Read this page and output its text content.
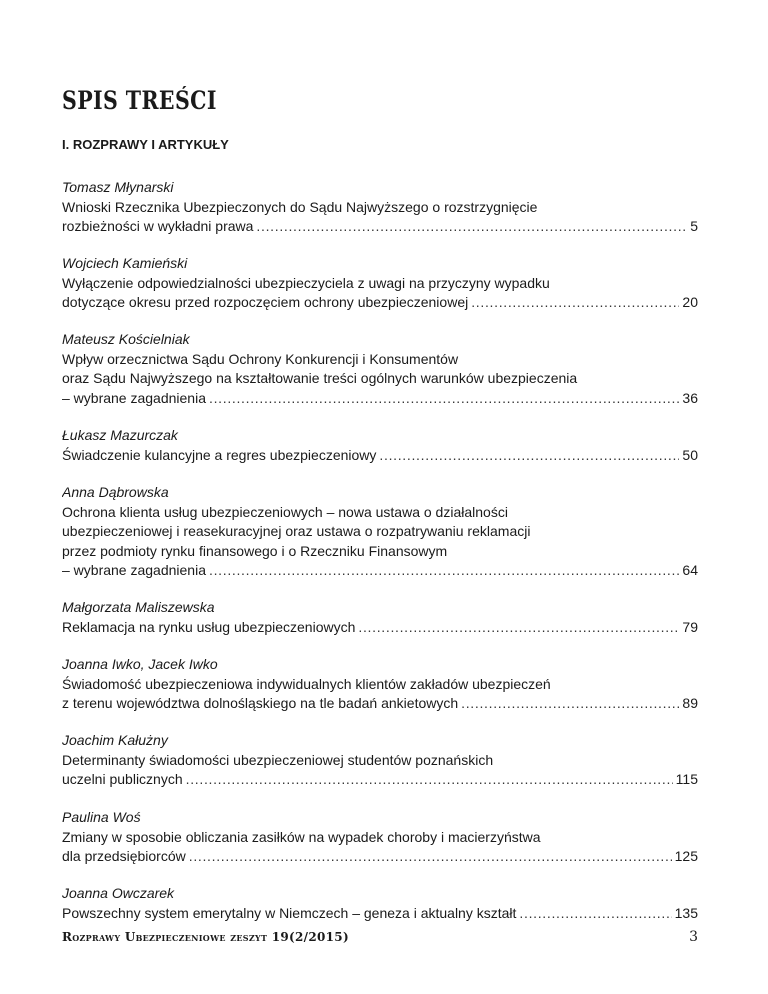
SPIS TREŚCI
I. ROZPRAWY I ARTYKUŁY
Tomasz Młynarski
Wnioski Rzecznika Ubezpieczonych do Sądu Najwyższego o rozstrzygnięcie
rozbieżności w wykładni prawa . . .	5
Wojciech Kamieński
Wyłączenie odpowiedzialności ubezpieczyciela z uwagi na przyczyny wypadku
dotyczące okresu przed rozpoczęciem ochrony ubezpieczeniowej . . .	20
Mateusz Kościelniak
Wpływ orzecznictwa Sądu Ochrony Konkurencji i Konsumentów
oraz Sądu Najwyższego na kształtowanie treści ogólnych warunków ubezpieczenia
– wybrane zagadnienia . . .	36
Łukasz Mazurczak
Świadczenie kulancyjne a regres ubezpieczeniowy . . .	50
Anna Dąbrowska
Ochrona klienta usług ubezpieczeniowych – nowa ustawa o działalności
ubezpieczeniowej i reasekuracyjnej oraz ustawa o rozpatrywaniu reklamacji
przez podmioty rynku finansowego i o Rzeczniku Finansowym
– wybrane zagadnienia . . .	64
Małgorzata Maliszewska
Reklamacja na rynku usług ubezpieczeniowych . . .	79
Joanna Iwko, Jacek Iwko
Świadomość ubezpieczeniowa indywidualnych klientów zakładów ubezpieczeń
z terenu województwa dolnośląskiego na tle badań ankietowych . . .	89
Joachim Kałużny
Determinanty świadomości ubezpieczeniowej studentów poznańskich
uczelni publicznych . . .	115
Paulina Woś
Zmiany w sposobie obliczania zasiłków na wypadek choroby i macierzyństwa
dla przedsiębiorców . . .	125
Joanna Owczarek
Powszechny system emerytalny w Niemczech – geneza i aktualny kształt . . .	135
Rozprawy Ubezpieczeniowe zeszyt 19(2/2015)	3
